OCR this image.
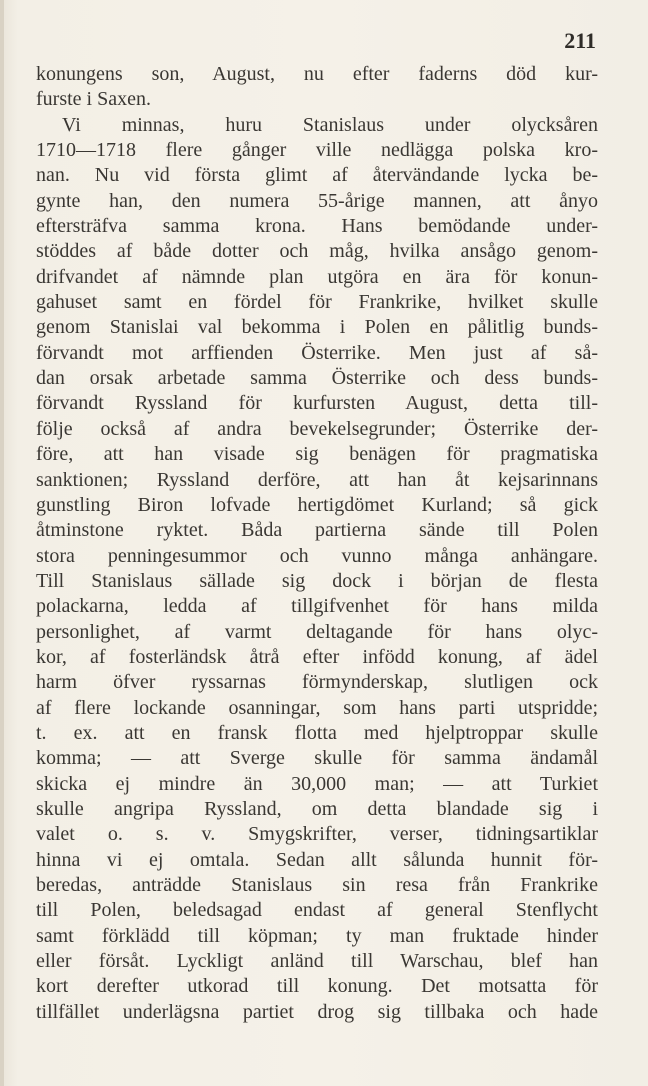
211
konungens son, August, nu efter faderns död kur-
furste i Saxen.
Vi minnas, huru Stanislaus under olycksåren
1710—1718 flere gånger ville nedlägga polska kro-
nan. Nu vid första glimt af återvändande lycka be-
gynte han, den numera 55-årige mannen, att ånyo
eftersträfva samma krona. Hans bemödande under-
stöddes af både dotter och måg, hvilka ansågo genom-
drifvandet af nämnde plan utgöra en ära för konun-
gahuset samt en fördel för Frankrike, hvilket skulle
genom Stanislai val bekomma i Polen en pålitlig bunds-
förvandt mot arffienden Österrike. Men just af så-
dan orsak arbetade samma Österrike och dess bunds-
förvandt Ryssland för kurfursten August, detta till-
följe också af andra bevekelsegrunder; Österrike der-
före, att han visade sig benägen för pragmatiska
sanktionen; Ryssland derföre, att han åt kejsarinnans
gunstling Biron lofvade hertigdömet Kurland; så gick
åtminstone ryktet. Båda partierna sände till Polen
stora penningesummor och vunno många anhängare.
Till Stanislaus sällade sig dock i början de flesta
polackarna, ledda af tillgifvenhet för hans milda
personlighet, af varmt deltagande för hans olyc-
kor, af fosterländsk åtrå efter infödd konung, af ädel
harm öfver ryssarnas förmynderskap, slutligen ock
af flere lockande osanningar, som hans parti utspridde;
t. ex. att en fransk flotta med hjelptroppar skulle
komma; — att Sverge skulle för samma ändamål
skicka ej mindre än 30,000 man; — att Turkiet
skulle angripa Ryssland, om detta blandade sig i
valet o. s. v. Smygskrifter, verser, tidningsartiklar
hinna vi ej omtala. Sedan allt sålunda hunnit för-
beredas, anträdde Stanislaus sin resa från Frankrike
till Polen, beledsagad endast af general Stenflycht
samt förklädd till köpman; ty man fruktade hinder
eller försåt. Lyckligt anländ till Warschau, blef han
kort derefter utkorad till konung. Det motsatta för
tillfället underlägsna partiet drog sig tillbaka och hade
